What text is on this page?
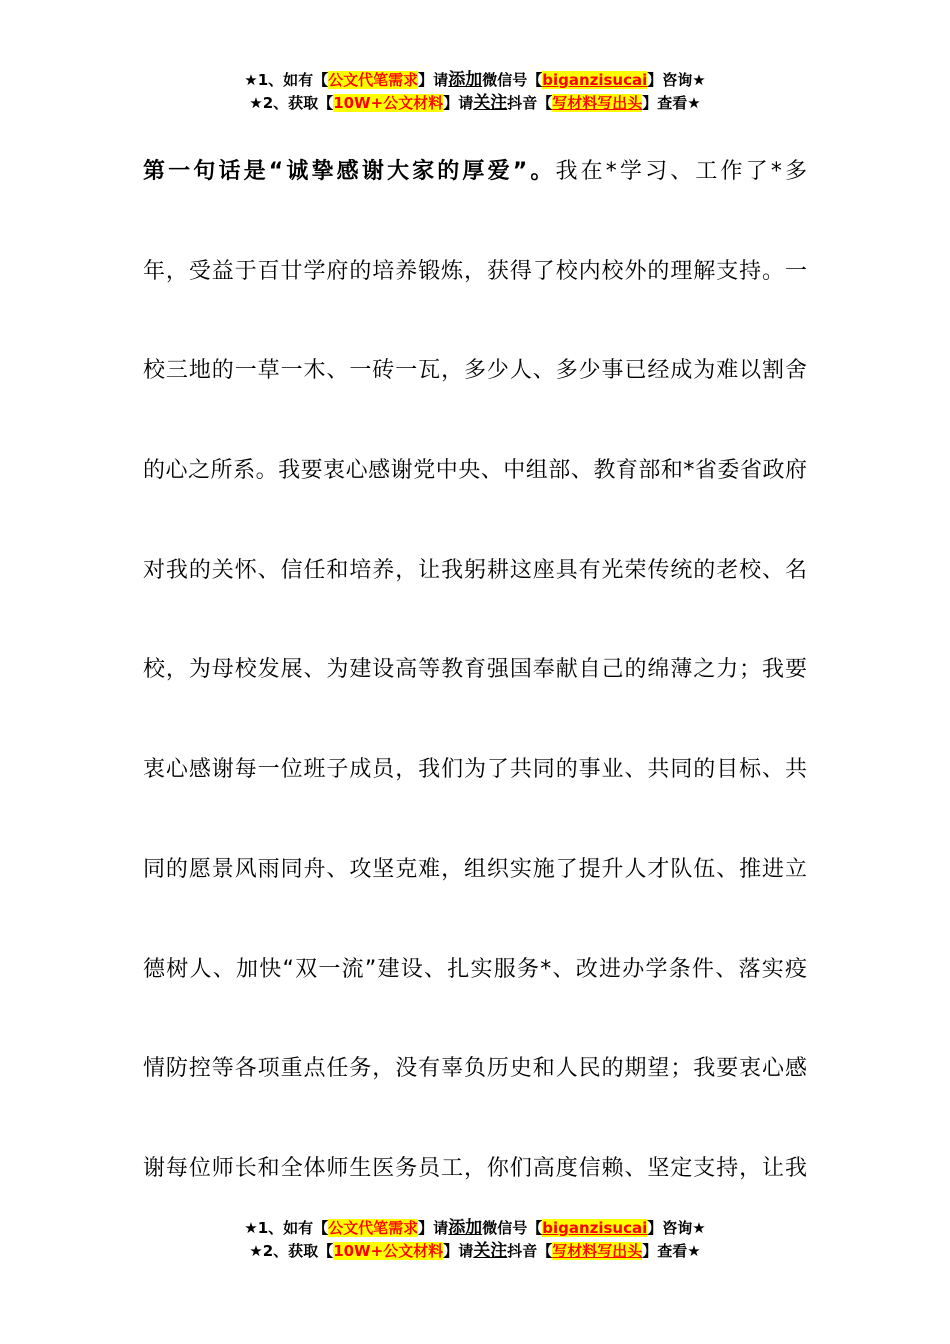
★1、如有【公文代笔需求】请添加微信号【biganzisucai】咨询★
★2、获取【10W+公文材料】请关注抖音【写材料写出头】查看★
第一句话是“诚挚感谢大家的厚爱”。我在*学习、工作了*多
年，受益于百廿学府的培养锻炼，获得了校内校外的理解支持。一
校三地的一草一木、一砖一瓦，多少人、多少事已经成为难以割舍
的心之所系。我要衷心感谢党中央、中组部、教育部和*省委省政府
对我的关怀、信任和培养，让我躬耕这座具有光荣传统的老校、名
校，为母校发展、为建设高等教育强国奉献自己的绵薄之力；我要
衷心感谢每一位班子成员，我们为了共同的事业、共同的目标、共
同的愿景风雨同舟、攻坚克难，组织实施了提升人才队伍、推进立
德树人、加快“双一流”建设、扎实服务*、改进办学条件、落实疫
情防控等各项重点任务，没有辜负历史和人民的期望；我要衷心感
谢每位师长和全体师生医务员工，你们高度信赖、坚定支持，让我
★1、如有【公文代笔需求】请添加微信号【biganzisucai】咨询★
★2、获取【10W+公文材料】请关注抖音【写材料写出头】查看★
